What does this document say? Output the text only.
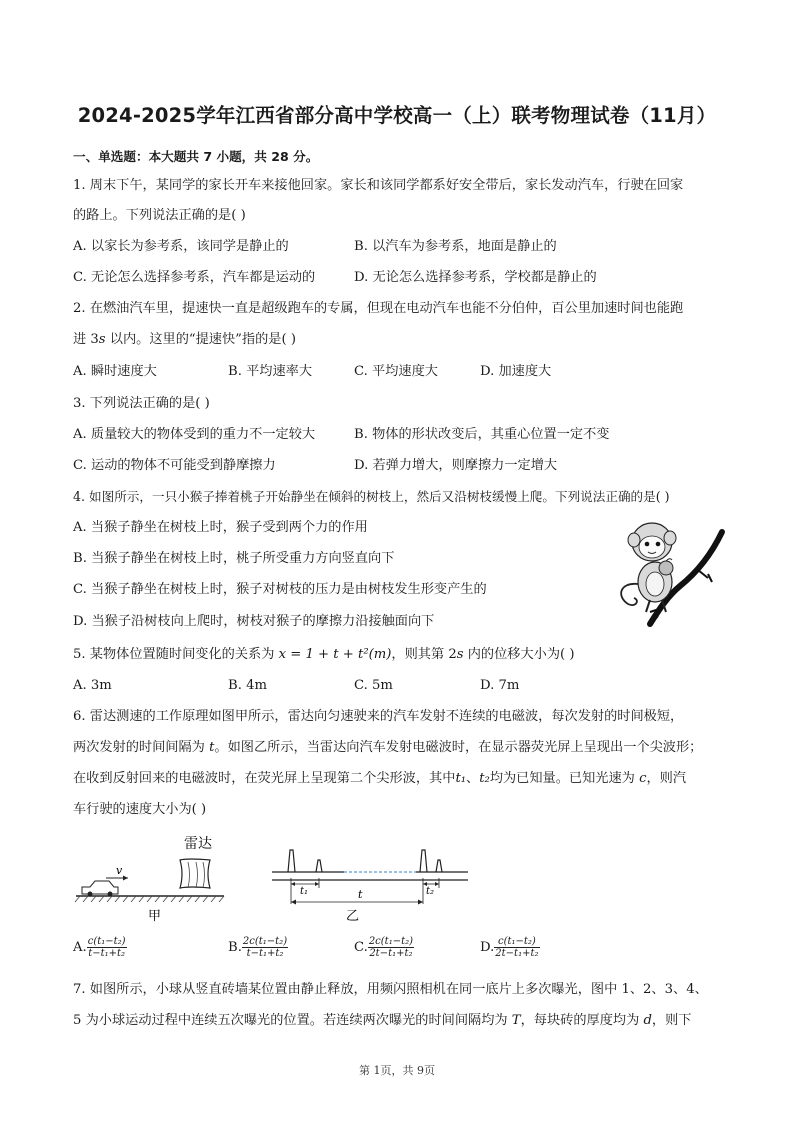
2024-2025学年江西省部分高中学校高一（上）联考物理试卷（11月）
一、单选题：本大题共 7 小题，共 28 分。
1. 周末下午，某同学的家长开车来接他回家。家长和该同学都系好安全带后，家长发动汽车，行驶在回家
的路上。下列说法正确的是( )
A. 以家长为参考系，该同学是静止的	B. 以汽车为参考系，地面是静止的
C. 无论怎么选择参考系，汽车都是运动的	D. 无论怎么选择参考系，学校都是静止的
2. 在燃油汽车里，提速快一直是超级跑车的专属，但现在电动汽车也能不分伯仲，百公里加速时间也能跑
进 3s 以内。这里的“提速快”指的是( )
A. 瞬时速度大	B. 平均速率大	C. 平均速度大	D. 加速度大
3. 下列说法正确的是( )
A. 质量较大的物体受到的重力不一定较大	B. 物体的形状改变后，其重心位置一定不变
C. 运动的物体不可能受到静摩擦力	D. 若弹力增大，则摩擦力一定增大
4. 如图所示，一只小猴子捧着桃子开始静坐在倾斜的树枝上，然后又沿树枝缓慢上爬。下列说法正确的是( )
A. 当猴子静坐在树枝上时，猴子受到两个力的作用
B. 当猴子静坐在树枝上时，桃子所受重力方向竖直向下
C. 当猴子静坐在树枝上时，猴子对树枝的压力是由树枝发生形变产生的
D. 当猴子沿树枝向上爬时，树枝对猴子的摩擦力沿接触面向下
5. 某物体位置随时间变化的关系为 x = 1 + t + t²(m)，则其第 2s 内的位移大小为( )
A. 3m	B. 4m	C. 5m	D. 7m
6. 雷达测速的工作原理如图甲所示，雷达向匀速驶来的汽车发射不连续的电磁波，每次发射的时间极短，
两次发射的时间间隔为 t。如图乙所示，当雷达向汽车发射电磁波时，在显示器荧光屏上呈现出一个尖波形；
在收到反射回来的电磁波时，在荧光屏上呈现第二个尖形波，其中t₁、t₂均为已知量。已知光速为 c，则汽
车行驶的速度大小为( )
雷达
v
甲
t₁	t₂
t
乙
A. $\frac{\text{c(t₁−t₂)}}{\text{t−t₁+t₂}}$	B. $\frac{\text{2c(t₁−t₂)}}{\text{t−t₁+t₂}}$	C. $\frac{\text{2c(t₁−t₂)}}{\text{2t−t₁+t₂}}$	D. $\frac{\text{c(t₁−t₂)}}{\text{2t−t₁+t₂}}$
7. 如图所示，小球从竖直砖墙某位置由静止释放，用频闪照相机在同一底片上多次曝光，图中 1、2、3、4、
5 为小球运动过程中连续五次曝光的位置。若连续两次曝光的时间间隔均为 T，每块砖的厚度均为 d，则下
第 1页，共 9页
